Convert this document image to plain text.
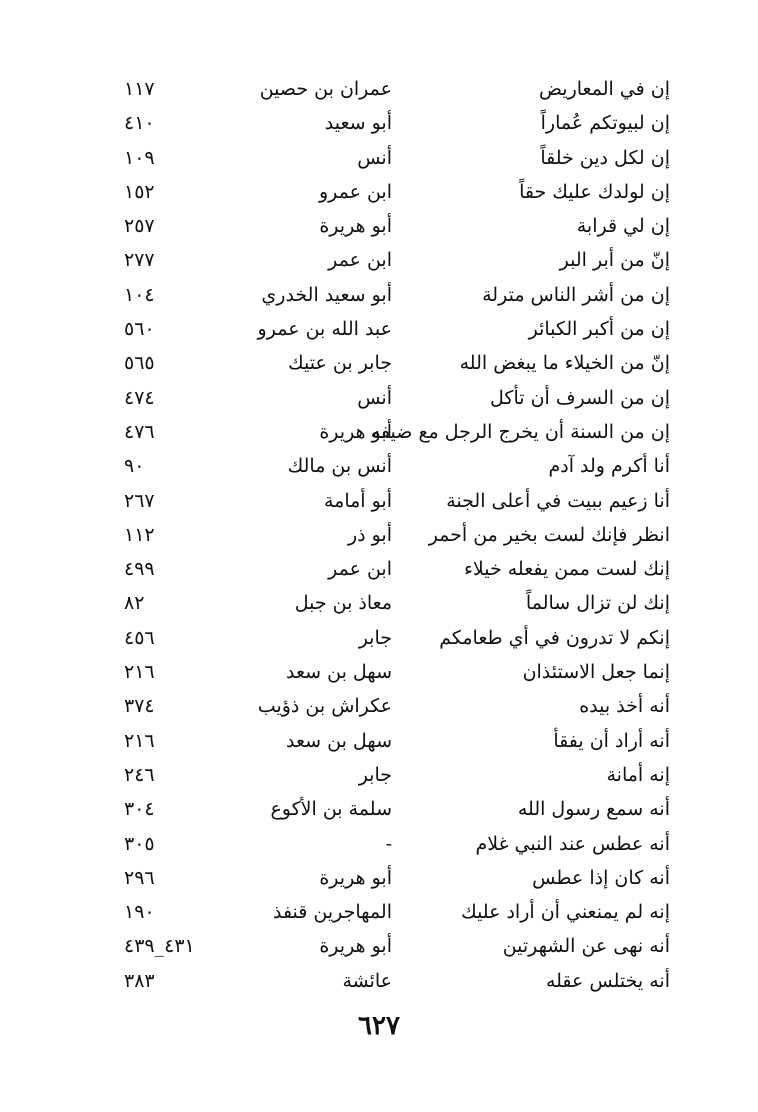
إن في المعاريض
عمران بن حصين
١١٧
إن لبيوتكم عُماراً
أبو سعيد
٤١٠
إن لكل دين خلقاً
أنس
١٠٩
إن لولدك عليك حقاً
ابن عمرو
١٥٢
إن لي قرابة
أبو هريرة
٢٥٧
إنّ من أبر البر
ابن عمر
٢٧٧
إن من أشر الناس مترلة
أبو سعيد الخدري
١٠٤
إن من أكبر الكبائر
عبد الله بن عمرو
٥٦٠
إنّ من الخيلاء ما يبغض الله
جابر بن عتيك
٥٦٥
إن من السرف أن تأكل
أنس
٤٧٤
إن من السنة أن يخرج الرجل مع ضيفه
أبو هريرة
٤٧٦
أنا أكرم ولد آدم
أنس بن مالك
٩٠
أنا زعيم ببيت في أعلى الجنة
أبو أمامة
٢٦٧
انظر فإنك لست بخير من أحمر
أبو ذر
١١٢
إنك لست ممن يفعله خيلاء
ابن عمر
٤٩٩
إنك لن تزال سالماً
معاذ بن جبل
٨٢
إنكم لا تدرون في أي طعامكم
جابر
٤٥٦
إنما جعل الاستئذان
سهل بن سعد
٢١٦
أنه أخذ بيده
عكراش بن ذؤيب
٣٧٤
أنه أراد أن يفقأ
سهل بن سعد
٢١٦
إنه أمانة
جابر
٢٤٦
أنه سمع رسول الله
سلمة بن الأكوع
٣٠٤
أنه عطس عند النبي غلام
-
٣٠٥
أنه كان إذا عطس
أبو هريرة
٢٩٦
إنه لم يمنعني أن أراد عليك
المهاجرين قنفذ
١٩٠
أنه نهى عن الشهرتين
أبو هريرة
٤٣١_٤٣٩
أنه يختلس عقله
عائشة
٣٨٣
٦٢٧
